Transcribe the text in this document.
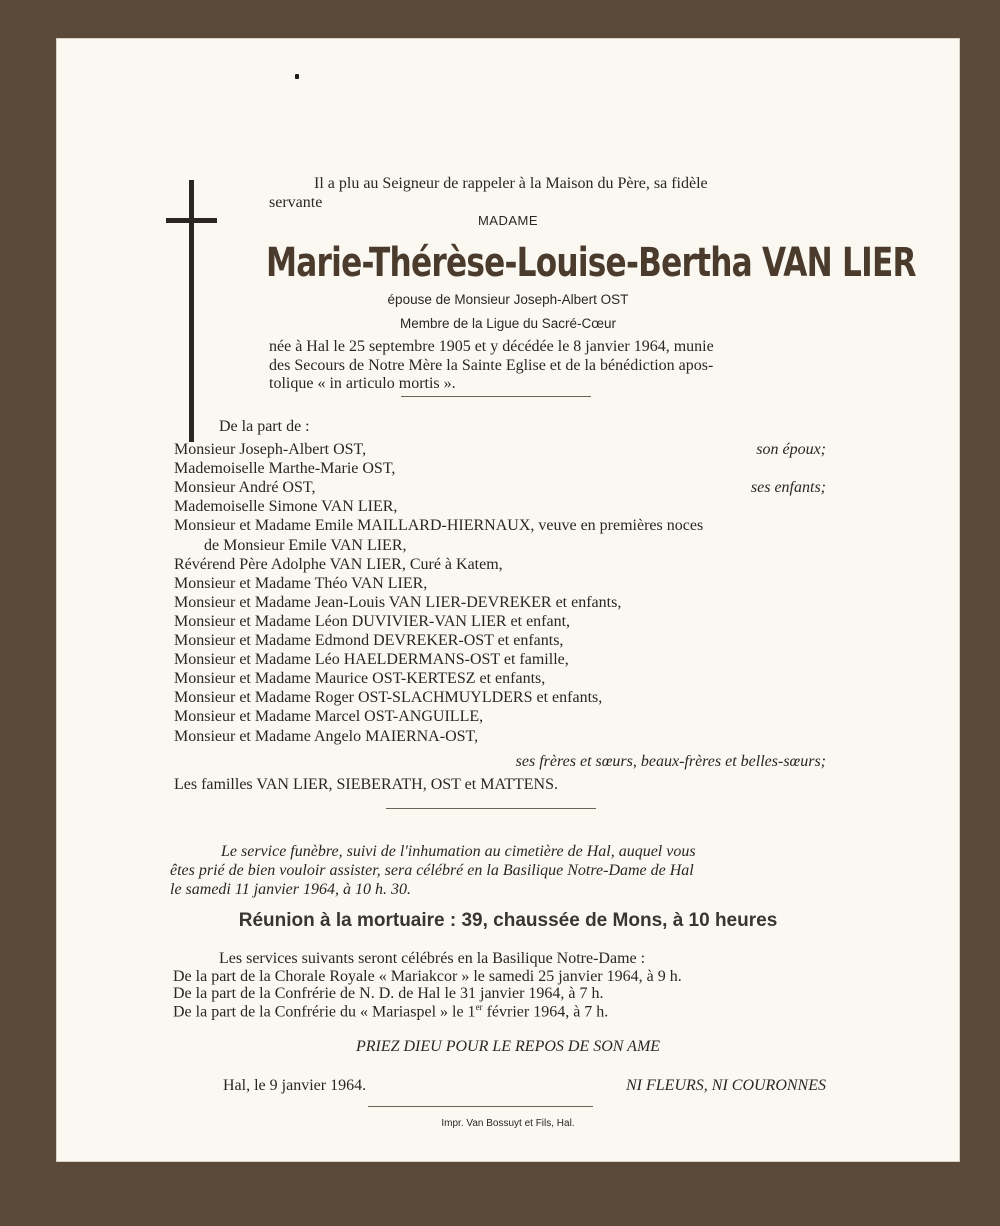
Il a plu au Seigneur de rappeler à la Maison du Père, sa fidèle
servante
MADAME
Marie-Thérèse-Louise-Bertha VAN LIER
épouse de Monsieur Joseph-Albert OST
Membre de la Ligue du Sacré-Cœur
née à Hal le 25 septembre 1905 et y décédée le 8 janvier 1964, munie
des Secours de Notre Mère la Sainte Eglise et de la bénédiction apos-
tolique « in articulo mortis ».
De la part de :
Monsieur Joseph-Albert OST,	son époux;
Mademoiselle Marthe-Marie OST,
Monsieur André OST,	ses enfants;
Mademoiselle Simone VAN LIER,
Monsieur et Madame Emile MAILLARD-HIERNAUX, veuve en premières noces
de Monsieur Emile VAN LIER,
Révérend Père Adolphe VAN LIER, Curé à Katem,
Monsieur et Madame Théo VAN LIER,
Monsieur et Madame Jean-Louis VAN LIER-DEVREKER et enfants,
Monsieur et Madame Léon DUVIVIER-VAN LIER et enfant,
Monsieur et Madame Edmond DEVREKER-OST et enfants,
Monsieur et Madame Léo HAELDERMANS-OST et famille,
Monsieur et Madame Maurice OST-KERTESZ et enfants,
Monsieur et Madame Roger OST-SLACHMUYLDERS et enfants,
Monsieur et Madame Marcel OST-ANGUILLE,
Monsieur et Madame Angelo MAIERNA-OST,
ses frères et sœurs, beaux-frères et belles-sœurs;
Les familles VAN LIER, SIEBERATH, OST et MATTENS.
Le service funèbre, suivi de l'inhumation au cimetière de Hal, auquel vous
êtes prié de bien vouloir assister, sera célébré en la Basilique Notre-Dame de Hal
le samedi 11 janvier 1964, à 10 h. 30.
Réunion à la mortuaire : 39, chaussée de Mons, à 10 heures
Les services suivants seront célébrés en la Basilique Notre-Dame :
De la part de la Chorale Royale « Mariakcor » le samedi 25 janvier 1964, à 9 h.
De la part de la Confrérie de N. D. de Hal le 31 janvier 1964, à 7 h.
De la part de la Confrérie du « Mariaspel » le 1er février 1964, à 7 h.
PRIEZ DIEU POUR LE REPOS DE SON AME
Hal, le 9 janvier 1964.	NI FLEURS, NI COURONNES
Impr. Van Bossuyt et Fils, Hal.
